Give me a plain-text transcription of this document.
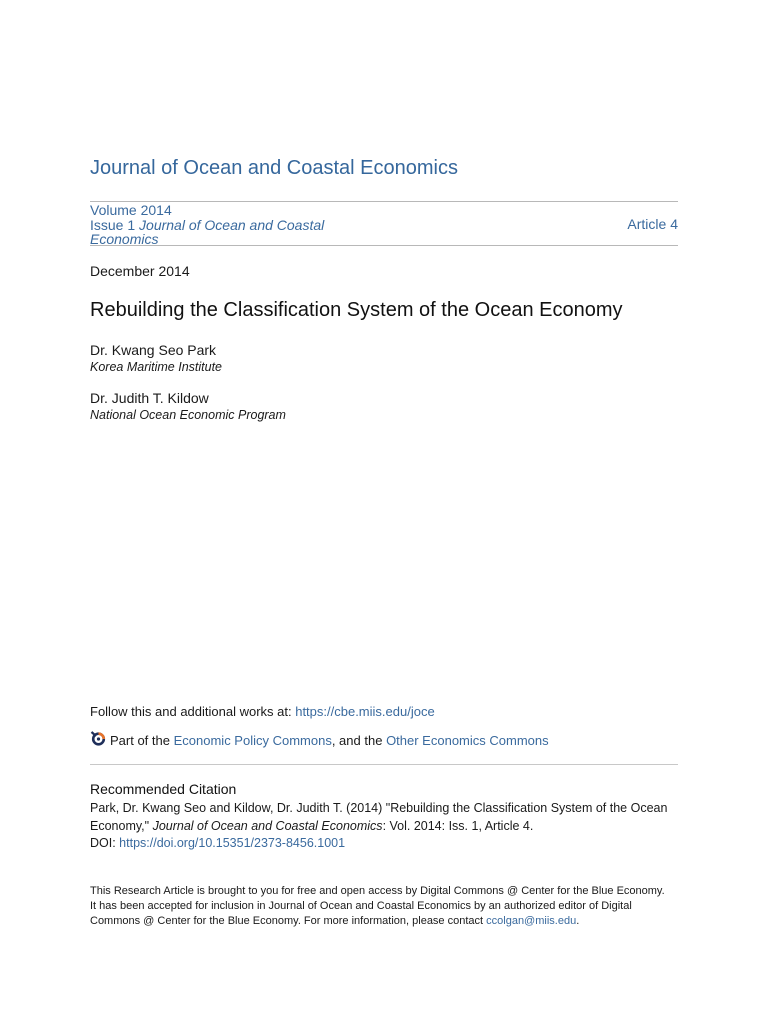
Journal of Ocean and Coastal Economics
Volume 2014
Issue 1 Journal of Ocean and Coastal Economics
Article 4
December 2014
Rebuilding the Classification System of the Ocean Economy
Dr. Kwang Seo Park
Korea Maritime Institute
Dr. Judith T. Kildow
National Ocean Economic Program
Follow this and additional works at: https://cbe.miis.edu/joce
Part of the
Economic Policy Commons , and the
Other Economics Commons
Recommended Citation
Park, Dr. Kwang Seo and Kildow, Dr. Judith T. (2014) "Rebuilding the Classification System of the Ocean
Economy," Journal of Ocean and Coastal Economics: Vol. 2014: Iss. 1, Article 4.
DOI: https://doi.org/10.15351/2373-8456.1001
This Research Article is brought to you for free and open access by Digital Commons @ Center for the Blue Economy.
It has been accepted for inclusion in Journal of Ocean and Coastal Economics by an authorized editor of Digital
Commons @ Center for the Blue Economy. For more information, please contact ccolgan@miis.edu.
